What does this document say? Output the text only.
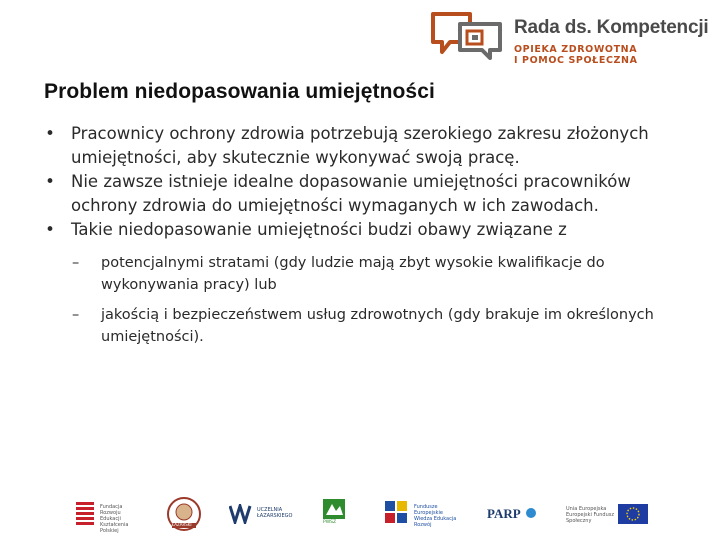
Rada ds. Kompetencji
OPIEKA ZDROWOTNA
I POMOC SPOŁECZNA
Problem niedopasowania umiejętności
• Pracownicy ochrony zdrowia potrzebują szerokiego zakresu złożonych umiejętności, aby skutecznie wykonywać swoją pracę.
• Nie zawsze istnieje idealne dopasowanie umiejętności pracowników ochrony zdrowia do umiejętności wymaganych w ich zawodach.
• Takie niedopasowanie umiejętności budzi obawy związane z
– potencjalnymi stratami (gdy ludzie mają zbyt wysokie kwalifikacje do wykonywania pracy) lub
– jakością i bezpieczeństwem usług zdrowotnych (gdy brakuje im określonych umiejętności).
Fundacja Rozwoju Edukacji Kształcenia Polskiej
ŁAZARSKI
UCZELNIA ŁAZARSKIEGO
PWSZ
Fundusze Europejskie Wiedza Edukacja Rozwój
PARP	Unia Europejska Europejski Fundusz Społeczny
